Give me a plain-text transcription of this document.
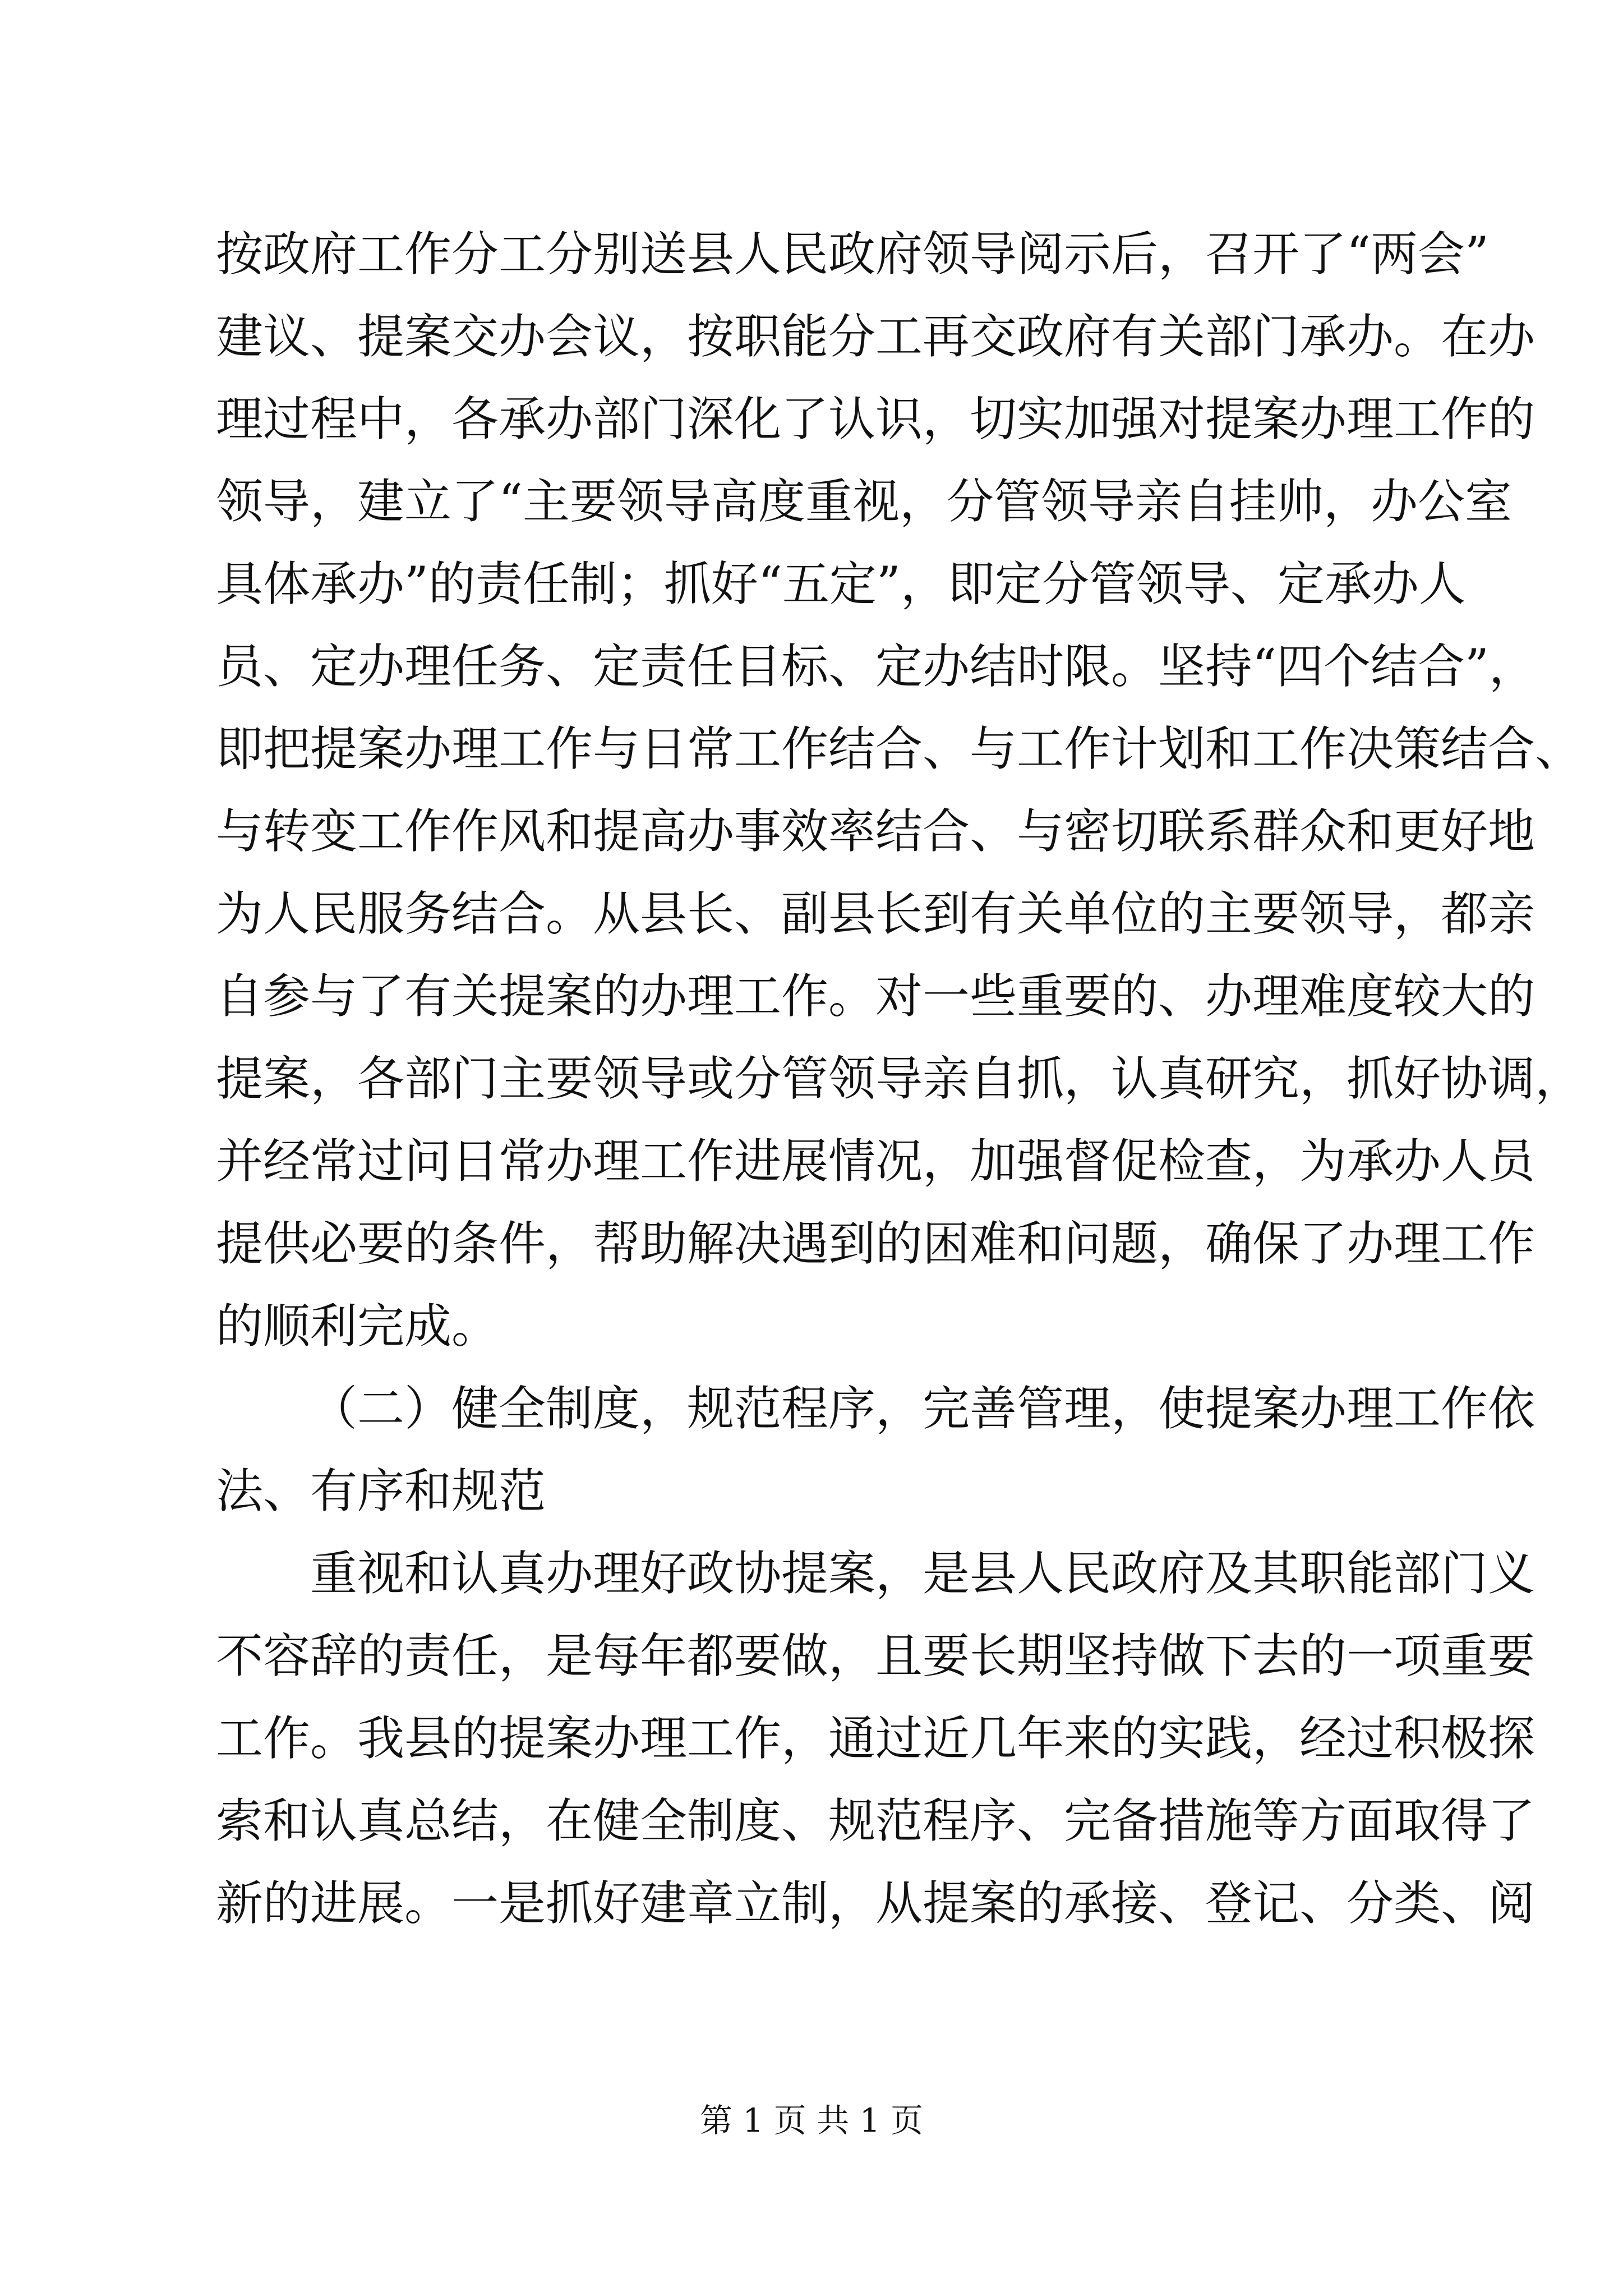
按政府工作分工分别送县人民政府领导阅示后，召开了“两会”
建议、提案交办会议，按职能分工再交政府有关部门承办。在办
理过程中，各承办部门深化了认识，切实加强对提案办理工作的
领导，建立了“主要领导高度重视，分管领导亲自挂帅，办公室
具体承办”的责任制；抓好“五定”，即定分管领导、定承办人
员、定办理任务、定责任目标、定办结时限。坚持“四个结合”，
即把提案办理工作与日常工作结合、与工作计划和工作决策结合、
与转变工作作风和提高办事效率结合、与密切联系群众和更好地
为人民服务结合。从县长、副县长到有关单位的主要领导，都亲
自参与了有关提案的办理工作。对一些重要的、办理难度较大的
提案，各部门主要领导或分管领导亲自抓，认真研究，抓好协调，
并经常过问日常办理工作进展情况，加强督促检查，为承办人员
提供必要的条件，帮助解决遇到的困难和问题，确保了办理工作
的顺利完成。
（二）健全制度，规范程序，完善管理，使提案办理工作依
法、有序和规范
重视和认真办理好政协提案，是县人民政府及其职能部门义
不容辞的责任，是每年都要做，且要长期坚持做下去的一项重要
工作。我县的提案办理工作，通过近几年来的实践，经过积极探
索和认真总结，在健全制度、规范程序、完备措施等方面取得了
新的进展。一是抓好建章立制，从提案的承接、登记、分类、阅
第 1 页 共 1 页
